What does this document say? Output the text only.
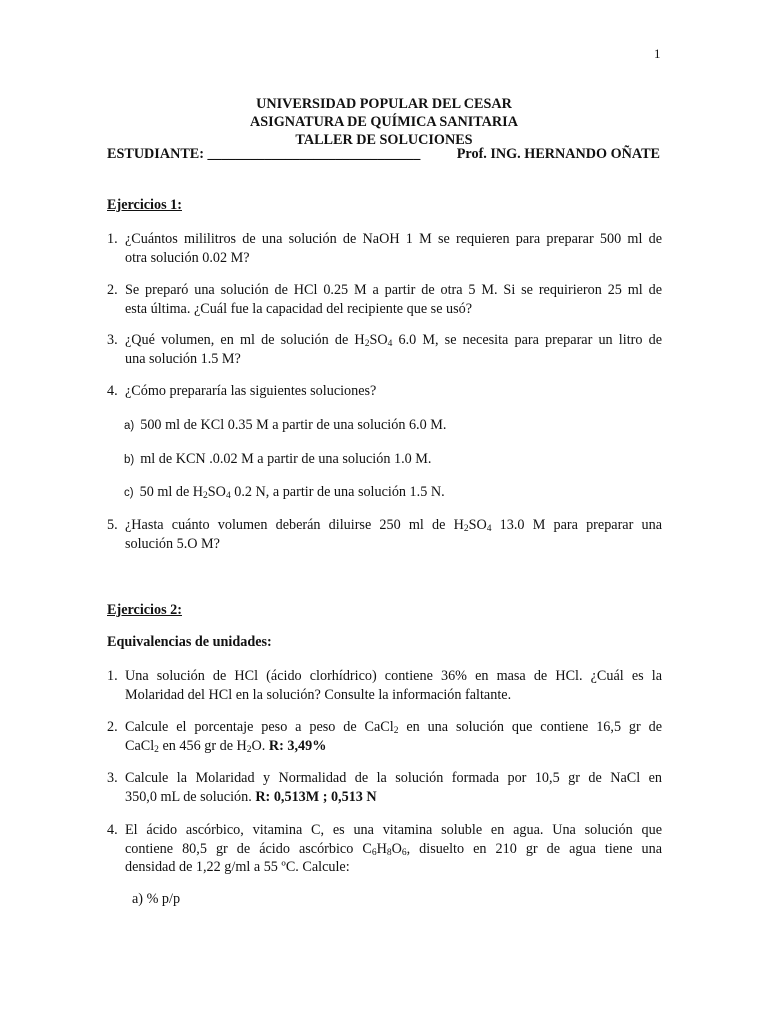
1
UNIVERSIDAD POPULAR DEL CESAR
ASIGNATURA DE QUÍMICA SANITARIA
TALLER DE SOLUCIONES
ESTUDIANTE: ______________________________	Prof. ING. HERNANDO OÑATE
Ejercicios 1:
1. ¿Cuántos mililitros de una solución de NaOH 1 M se requieren para preparar 500 ml de
otra solución 0.02 M?
2. Se preparó una solución de HCl 0.25 M a partir de otra 5 M. Si se requirieron 25 ml de
esta última. ¿Cuál fue la capacidad del recipiente que se usó?
3. ¿Qué volumen, en ml de solución de $H_2SO_4$ 6.0 M, se necesita para preparar un litro de
una solución 1.5 M?
4. ¿Cómo prepararía las siguientes soluciones?
a) 500 ml de KCl 0.35 M a partir de una solución 6.0 M.
b) ml de KCN .0.02 M a partir de una solución 1.0 M.
c) 50 ml de $H_2SO_4$ 0.2 N, a partir de una solución 1.5 N.
5. ¿Hasta cuánto volumen deberán diluirse 250 ml de $H_2SO_4$ 13.0 M para preparar una
solución 5.O M?
Ejercicios 2:
Equivalencias de unidades:
1. Una solución de HCl (ácido clorhídrico) contiene 36% en masa de HCl. ¿Cuál es la
Molaridad del HCl en la solución? Consulte la información faltante.
2. Calcule el porcentaje peso a peso de CaCl$_2$ en una solución que contiene 16,5 gr de
CaCl$_2$ en 456 gr de $H_2O$. R: 3,49%
3. Calcule la Molaridad y Normalidad de la solución formada por 10,5 gr de NaCl en
350,0 mL de solución. R: 0,513M ; 0,513 N
4. El ácido ascórbico, vitamina C, es una vitamina soluble en agua. Una solución que
contiene 80,5 gr de ácido ascórbico $C_6H_8O_6$, disuelto en 210 gr de agua tiene una
densidad de 1,22 g/ml a 55 ºC. Calcule:
a) % p/p
